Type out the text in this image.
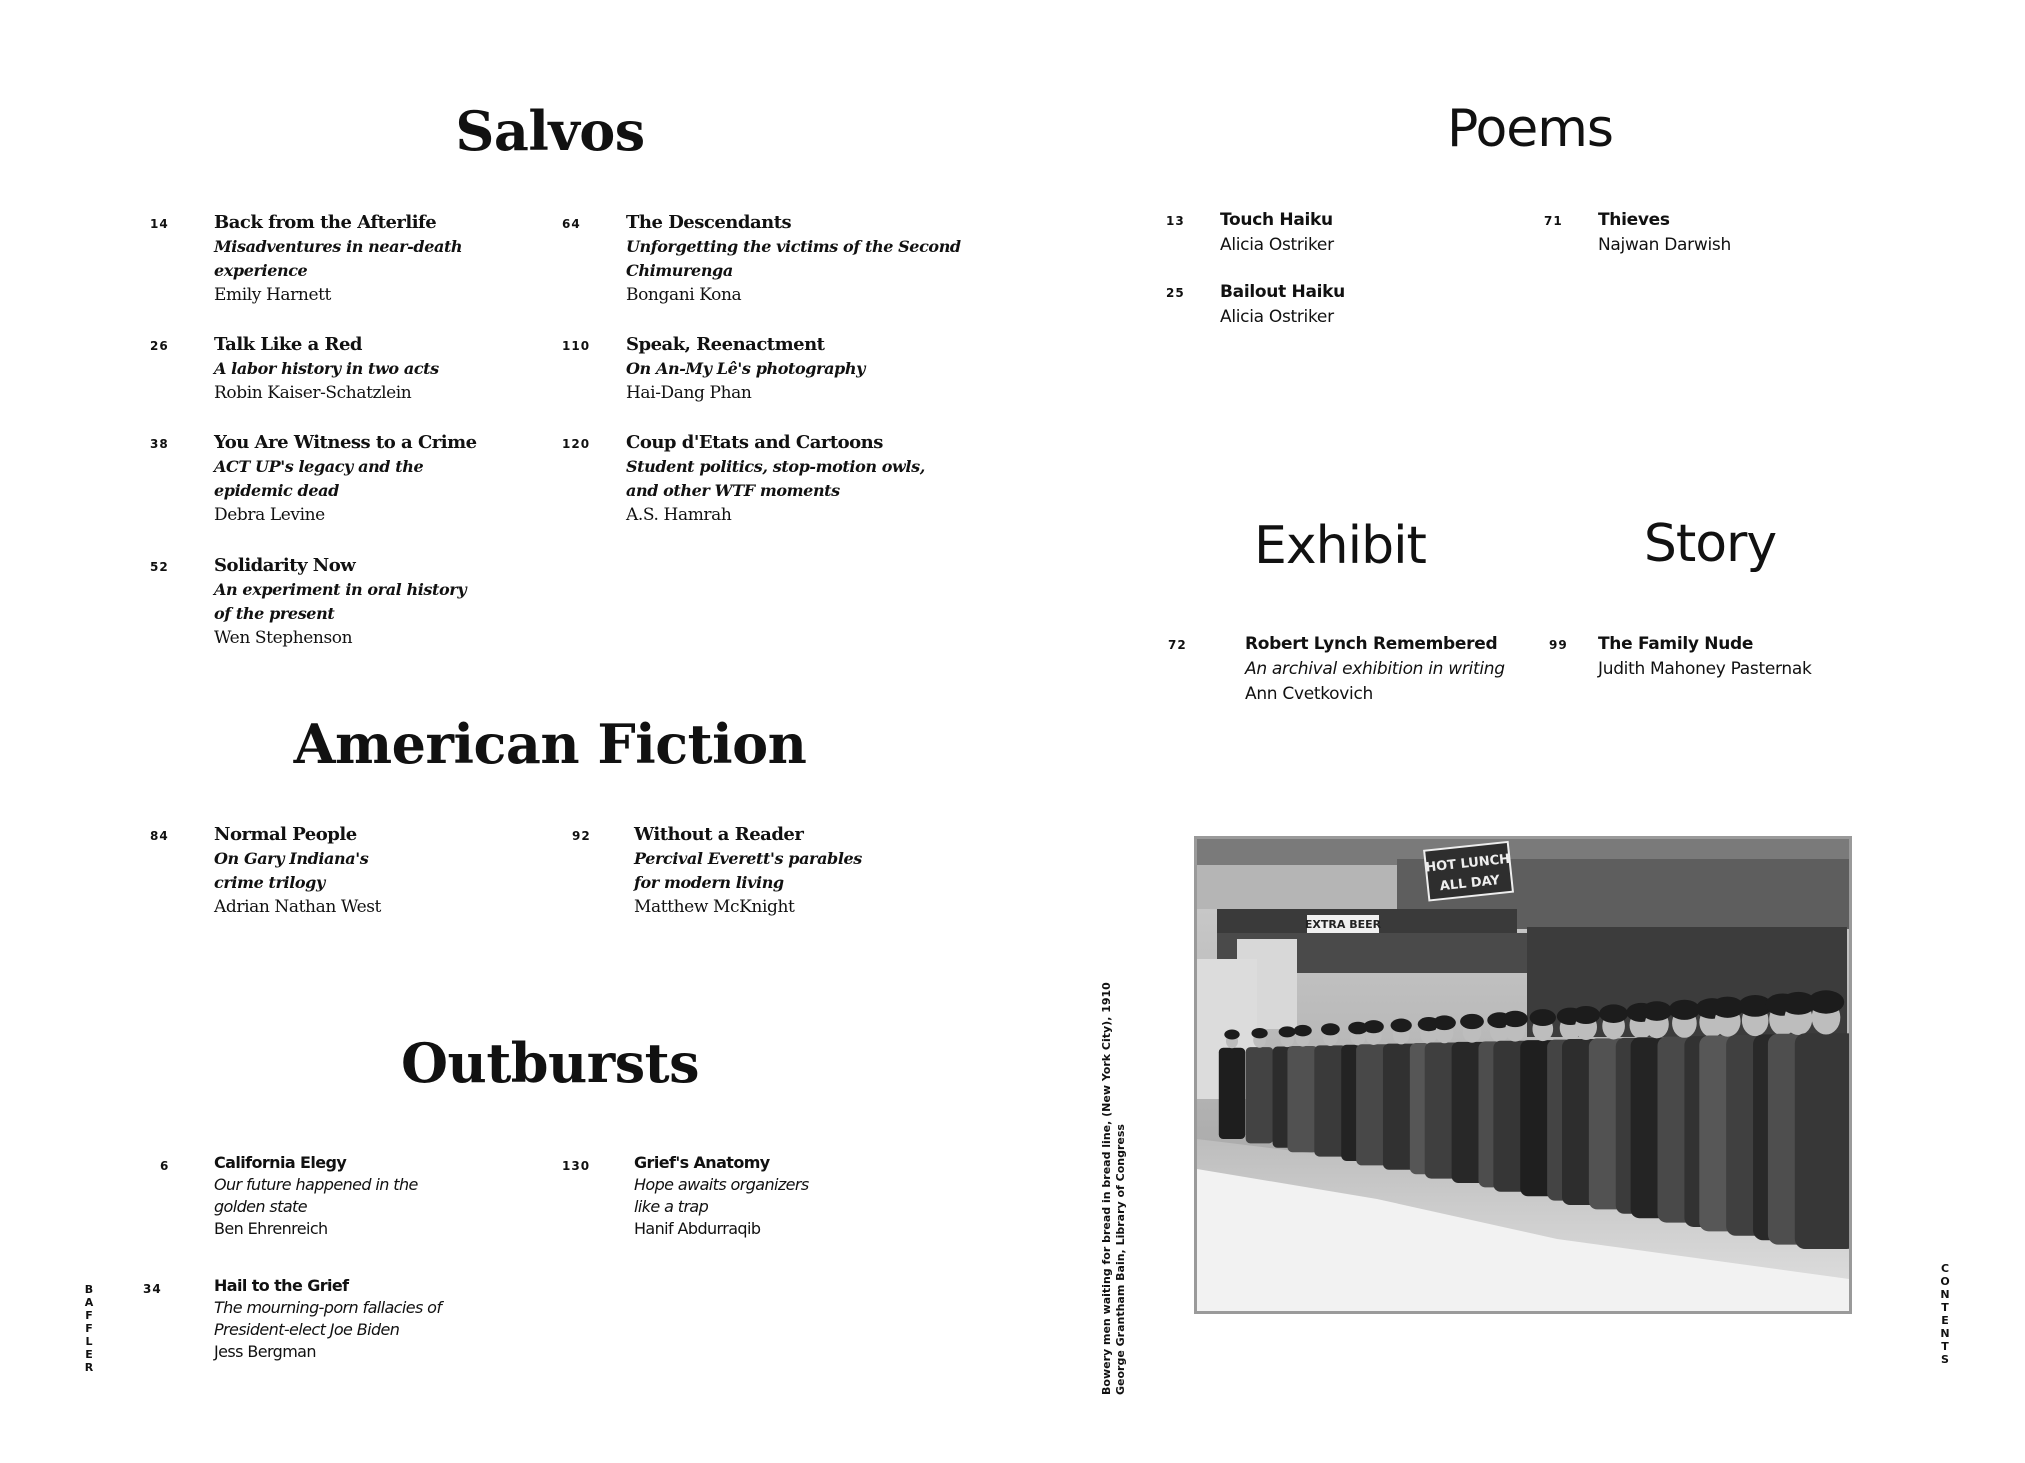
Salvos
14	Back from the Afterlife
Misadventures in near-death
experience
Emily Harnett
26	Talk Like a Red
A labor history in two acts
Robin Kaiser-Schatzlein
38	You Are Witness to a Crime
ACT UP's legacy and the
epidemic dead
Debra Levine
52	Solidarity Now
An experiment in oral history
of the present
Wen Stephenson
64	The Descendants
Unforgetting the victims of the Second
Chimurenga
Bongani Kona
110 Speak, Reenactment
On An-My Lê's photography
Hai-Dang Phan
120 Coup d'Etats and Cartoons
Student politics, stop-motion owls,
and other WTF moments
A.S. Hamrah
American Fiction
84	Normal People
On Gary Indiana's
crime trilogy
Adrian Nathan West
92 Without a Reader
Percival Everett's parables
for modern living
Matthew McKnight
Outbursts
6	California Elegy
Our future happened in the
golden state
Ben Ehrenreich
34	Hail to the Grief
The mourning-porn fallacies of
President-elect Joe Biden
Jess Bergman
130	Grief's Anatomy
Hope awaits organizers
like a trap
Hanif Abdurraqib
B
A
F
F
L
E
R
Poems
13 Touch Haiku
Alicia Ostriker
25 Bailout Haiku
Alicia Ostriker
71 Thieves
Najwan Darwish
Exhibit	Story
72	Robert Lynch Remembered
An archival exhibition in writing
Ann Cvetkovich
99 The Family Nude
Judith Mahoney Pasternak
Bowery men waiting for bread in bread line, (New York City), 1910 George Grantham Bain, Library of Congress
HOT LUNCH
ALL DAY
EXTRA BEER
C
O
N
T
E
N
T
S
